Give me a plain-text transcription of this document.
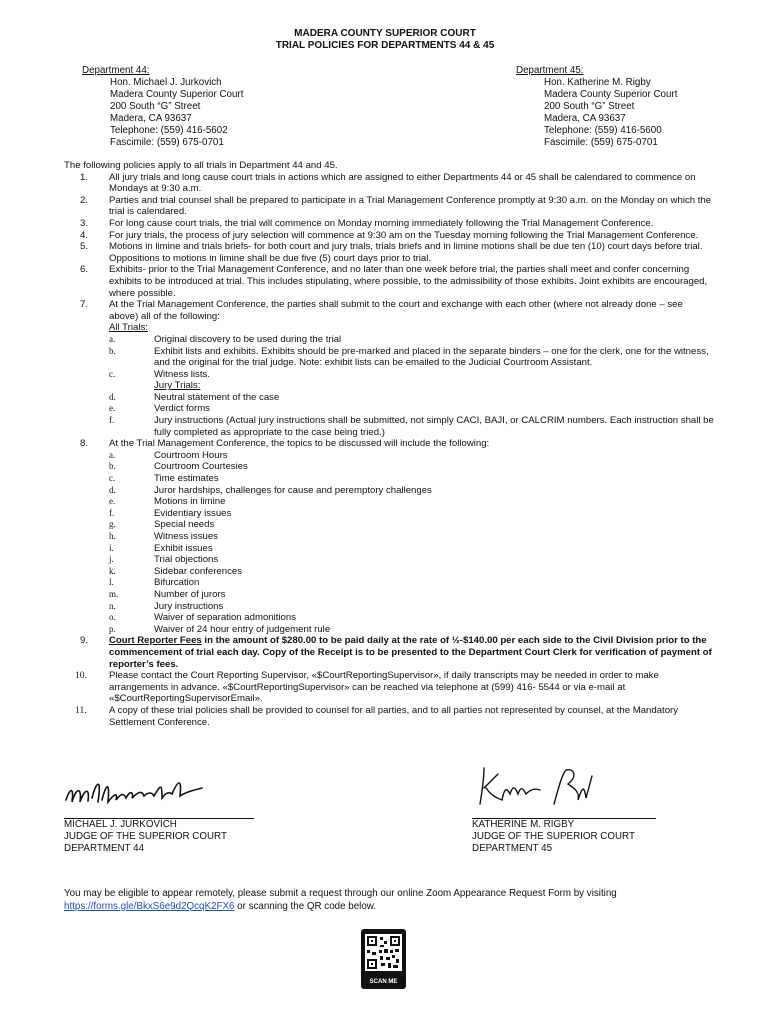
MADERA COUNTY SUPERIOR COURT
TRIAL POLICIES FOR DEPARTMENTS 44 & 45
Department 44:
Hon. Michael J. Jurkovich
Madera County Superior Court
200 South “G” Street
Madera, CA 93637
Telephone: (559) 416-5602
Fascimile: (559) 675-0701
Department 45:
Hon. Katherine M. Rigby
Madera County Superior Court
200 South “G” Street
Madera, CA 93637
Telephone: (559) 416-5600
Fascimile: (559) 675-0701
The following policies apply to all trials in Department 44 and 45.
1. All jury trials and long cause court trials in actions which are assigned to either Departments 44 or 45 shall be calendared to commence on Mondays at 9:30 a.m.
2. Parties and trial counsel shall be prepared to participate in a Trial Management Conference promptly at 9:30 a.m. on the Monday on which the trial is calendared.
3. For long cause court trials, the trial will commence on Monday morning immediately following the Trial Management Conference.
4. For jury trials, the process of jury selection will commence at 9:30 am on the Tuesday morning following the Trial Management Conference.
5. Motions in limine and trials briefs- for both court and jury trials, trials briefs and in limine motions shall be due ten (10) court days before trial. Oppositions to motions in limine shall be due five (5) court days prior to trial.
6. Exhibits- prior to the Trial Management Conference, and no later than one week before trial, the parties shall meet and confer concerning exhibits to be introduced at trial. This includes stipulating, where possible, to the admissibility of those exhibits. Joint exhibits are encouraged, where possible.
7. At the Trial Management Conference, the parties shall submit to the court and exchange with each other (where not already done – see above) all of the following:
All Trials:
a.	Original discovery to be used during the trial
b.	Exhibit lists and exhibits. Exhibits should be pre-marked and placed in the separate binders – one for the clerk, one for the witness, and the original for the trial judge. Note: exhibit lists can be emailed to the Judicial Courtroom Assistant.
c.	Witness lists.
Jury Trials:
d.	Neutral statement of the case
e.	Verdict forms
f.	Jury instructions (Actual jury instructions shall be submitted, not simply CACI, BAJI, or CALCRIM numbers. Each instruction shall be fully completed as appropriate to the case being tried.)
8. At the Trial Management Conference, the topics to be discussed will include the following:
a.	Courtroom Hours
b.	Courtroom Courtesies
c.	Time estimates
d.	Juror hardships, challenges for cause and peremptory challenges
e.	Motions in limine
f.	Evidentiary issues
g.	Special needs
h.	Witness issues
i.	Exhibit issues
j.	Trial objections
k.	Sidebar conferences
l.	Bifurcation
m.	Number of jurors
n.	Jury instructions
o.	Waiver of separation admonitions
p.	Waiver of 24 hour entry of judgement rule
9. Court Reporter Fees in the amount of $280.00 to be paid daily at the rate of ½-$140.00 per each side to the Civil Division prior to the commencement of trial each day. Copy of the Receipt is to be presented to the Department Court Clerk for verification of payment of reporter’s fees.
10. Please contact the Court Reporting Supervisor, «$CourtReportingSupervisor», if daily transcripts may be needed in order to make arrangements in advance. «$CourtReportingSupervisor» can be reached via telephone at (599) 416- 5544 or via e-mail at «$CourtReportingSupervisorEmail».
11. A copy of these trial policies shall be provided to counsel for all parties, and to all parties not represented by counsel, at the Mandatory Settlement Conference.
MICHAEL J. JURKOVICH
JUDGE OF THE SUPERIOR COURT
DEPARTMENT 44
KATHERINE M. RIGBY
JUDGE OF THE SUPERIOR COURT
DEPARTMENT 45
You may be eligible to appear remotely, please submit a request through our online Zoom Appearance Request Form by visiting
https://forms.gle/BkxS6e9d2QcqK2FX6 or scanning the QR code below.
SCAN ME
